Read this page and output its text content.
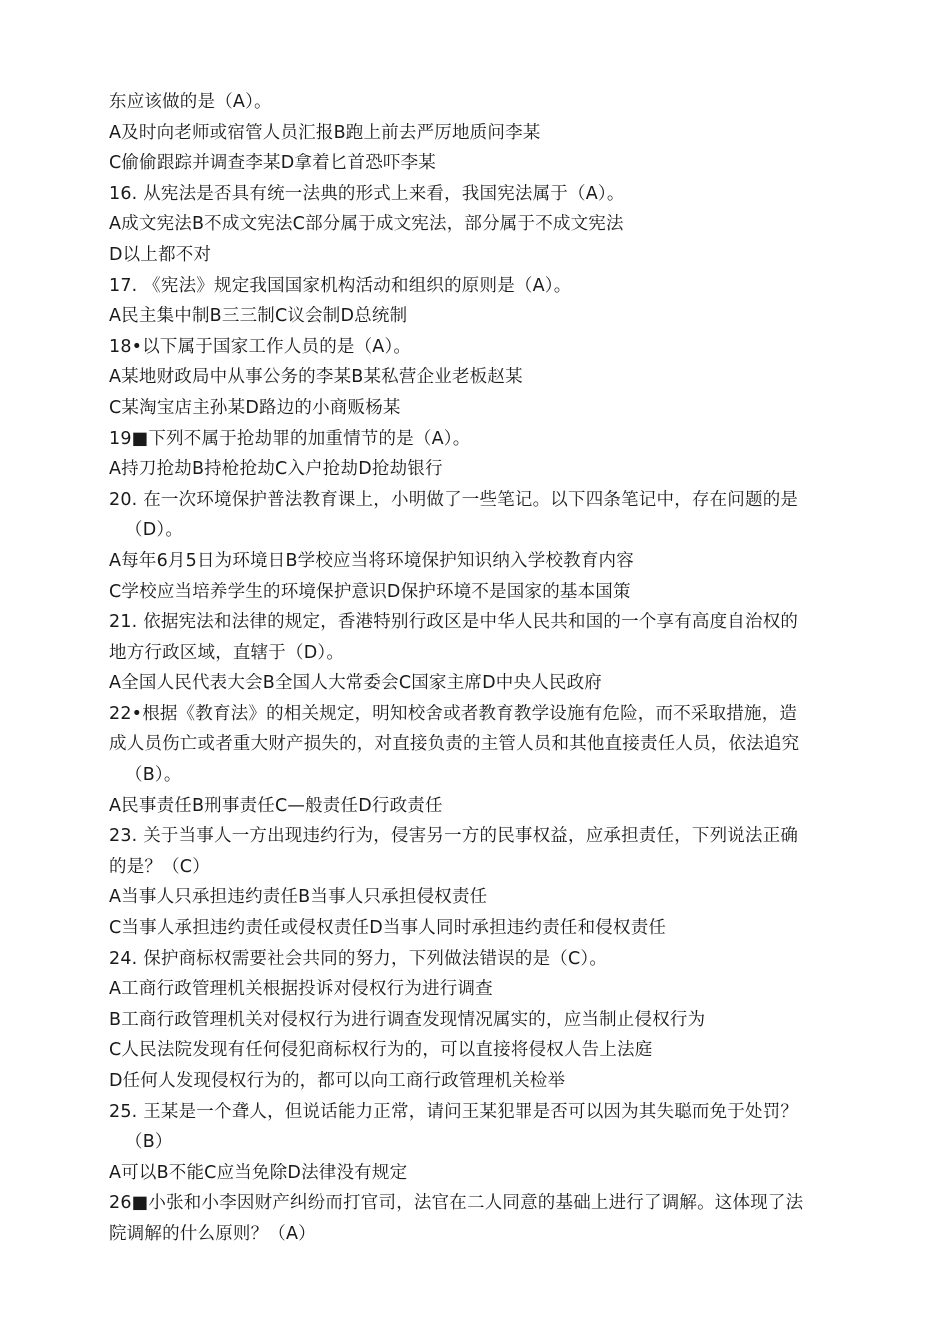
东应该做的是（A）。
A及时向老师或宿管人员汇报B跑上前去严厉地质问李某
C偷偷跟踪并调查李某D拿着匕首恐吓李某
16. 从宪法是否具有统一法典的形式上来看，我国宪法属于（A）。
A成文宪法B不成文宪法C部分属于成文宪法，部分属于不成文宪法
D以上都不对
17. 《宪法》规定我国国家机构活动和组织的原则是（A）。
A民主集中制B三三制C议会制D总统制
18•以下属于国家工作人员的是（A）。
A某地财政局中从事公务的李某B某私营企业老板赵某
C某淘宝店主孙某D路边的小商贩杨某
19■下列不属于抢劫罪的加重情节的是（A）。
A持刀抢劫B持枪抢劫C入户抢劫D抢劫银行
20. 在一次环境保护普法教育课上，小明做了一些笔记。以下四条笔记中，存在问题的是
（D）。
A每年6月5日为环境日B学校应当将环境保护知识纳入学校教育内容
C学校应当培养学生的环境保护意识D保护环境不是国家的基本国策
21. 依据宪法和法律的规定，香港特别行政区是中华人民共和国的一个享有高度自治权的
地方行政区域，直辖于（D）。
A全国人民代表大会B全国人大常委会C国家主席D中央人民政府
22•根据《教育法》的相关规定，明知校舍或者教育教学设施有危险，而不采取措施，造
成人员伤亡或者重大财产损失的，对直接负责的主管人员和其他直接责任人员，依法追究
（B）。
A民事责任B刑事责任C—般责任D行政责任
23. 关于当事人一方出现违约行为，侵害另一方的民事权益，应承担责任，下列说法正确
的是？（C）
A当事人只承担违约责任B当事人只承担侵权责任
C当事人承担违约责任或侵权责任D当事人同时承担违约责任和侵权责任
24. 保护商标权需要社会共同的努力，下列做法错误的是（C）。
A工商行政管理机关根据投诉对侵权行为进行调查
B工商行政管理机关对侵权行为进行调查发现情况属实的，应当制止侵权行为
C人民法院发现有任何侵犯商标权行为的，可以直接将侵权人告上法庭
D任何人发现侵权行为的，都可以向工商行政管理机关检举
25. 王某是一个聋人，但说话能力正常，请问王某犯罪是否可以因为其失聪而免于处罚？
（B）
A可以B不能C应当免除D法律没有规定
26■小张和小李因财产纠纷而打官司，法官在二人同意的基础上进行了调解。这体现了法
院调解的什么原则？（A）
